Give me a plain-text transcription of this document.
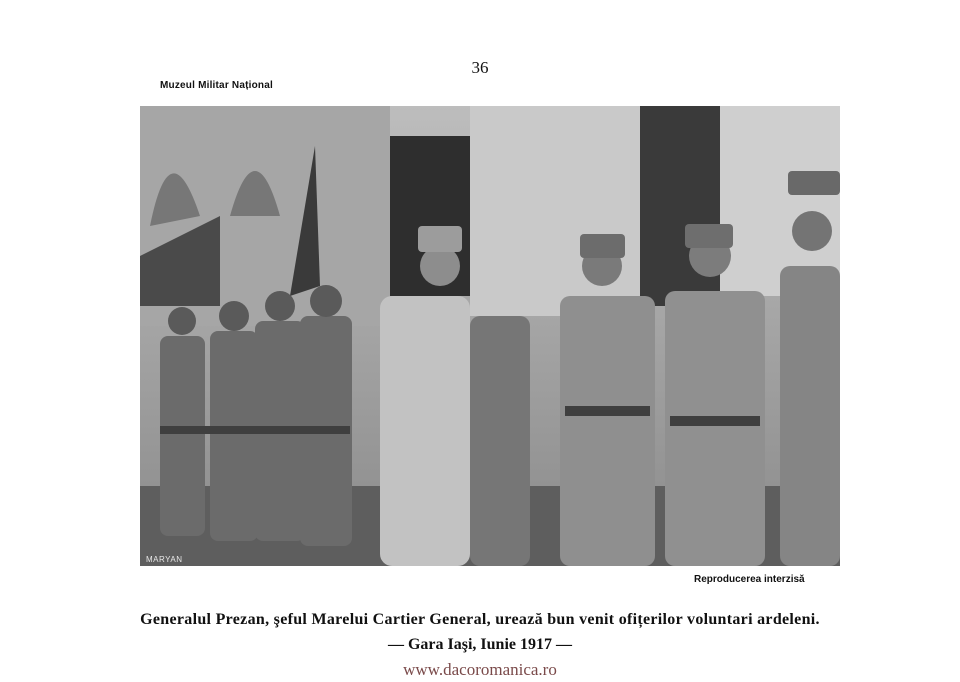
36
Muzeul Militar Național
MARYAN
Reproducerea interzisă
Generalul Prezan, şeful Marelui Cartier General, urează bun venit ofițerilor voluntari ardeleni.
— Gara Iaşi, Iunie 1917 —
www.dacoromanica.ro
